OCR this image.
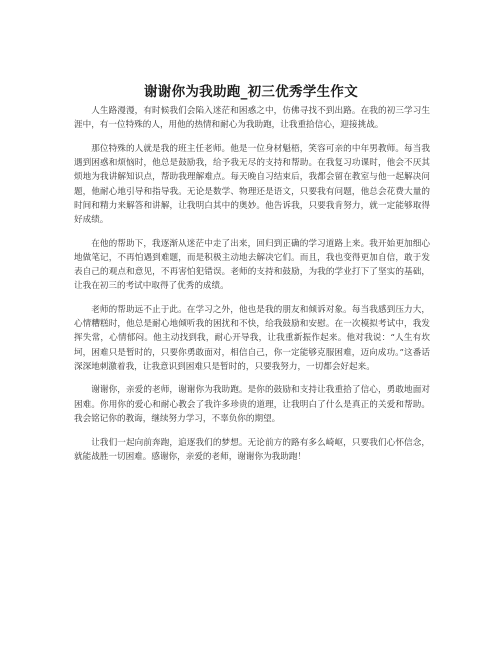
谢谢你为我助跑_初三优秀学生作文

人生路漫漫，有时候我们会陷入迷茫和困惑之中，仿佛寻找不到出路。在我的初三学习生涯中，有一位特殊的人，用他的热情和耐心为我助跑，让我重拾信心，迎接挑战。

那位特殊的人就是我的班主任老师。他是一位身材魁梧，笑容可亲的中年男教师。每当我遇到困惑和烦恼时，他总是鼓励我，给予我无尽的支持和帮助。在我复习功课时，他会不厌其烦地为我讲解知识点，帮助我理解难点。每天晚自习结束后，我都会留在教室与他一起解决问题，他耐心地引导和指导我。无论是数学、物理还是语文，只要我有问题，他总会花费大量的时间和精力来解答和讲解，让我明白其中的奥妙。他告诉我，只要我肯努力，就一定能够取得好成绩。

在他的帮助下，我逐渐从迷茫中走了出来，回归到正确的学习道路上来。我开始更加细心地做笔记，不再怕遇到难题，而是积极主动地去解决它们。而且，我也变得更加自信，敢于发表自己的观点和意见，不再害怕犯错误。老师的支持和鼓励，为我的学业打下了坚实的基础，让我在初三的考试中取得了优秀的成绩。

老师的帮助远不止于此。在学习之外，他也是我的朋友和倾诉对象。每当我感到压力大，心情糟糕时，他总是耐心地倾听我的困扰和不快，给我鼓励和安慰。在一次模拟考试中，我发挥失常，心情郁闷。他主动找到我，耐心开导我，让我重新振作起来。他对我说：“人生有坎坷，困难只是暂时的，只要你勇敢面对，相信自己，你一定能够克服困难，迈向成功。”这番话深深地刺激着我，让我意识到困难只是暂时的，只要我努力，一切都会好起来。

谢谢你，亲爱的老师，谢谢你为我助跑。是你的鼓励和支持让我重拾了信心，勇敢地面对困难。你用你的爱心和耐心教会了我许多珍贵的道理，让我明白了什么是真正的关爱和帮助。我会铭记你的教诲，继续努力学习，不辜负你的期望。

让我们一起向前奔跑，追逐我们的梦想。无论前方的路有多么崎岖，只要我们心怀信念，就能战胜一切困难。感谢你，亲爱的老师，谢谢你为我助跑！
